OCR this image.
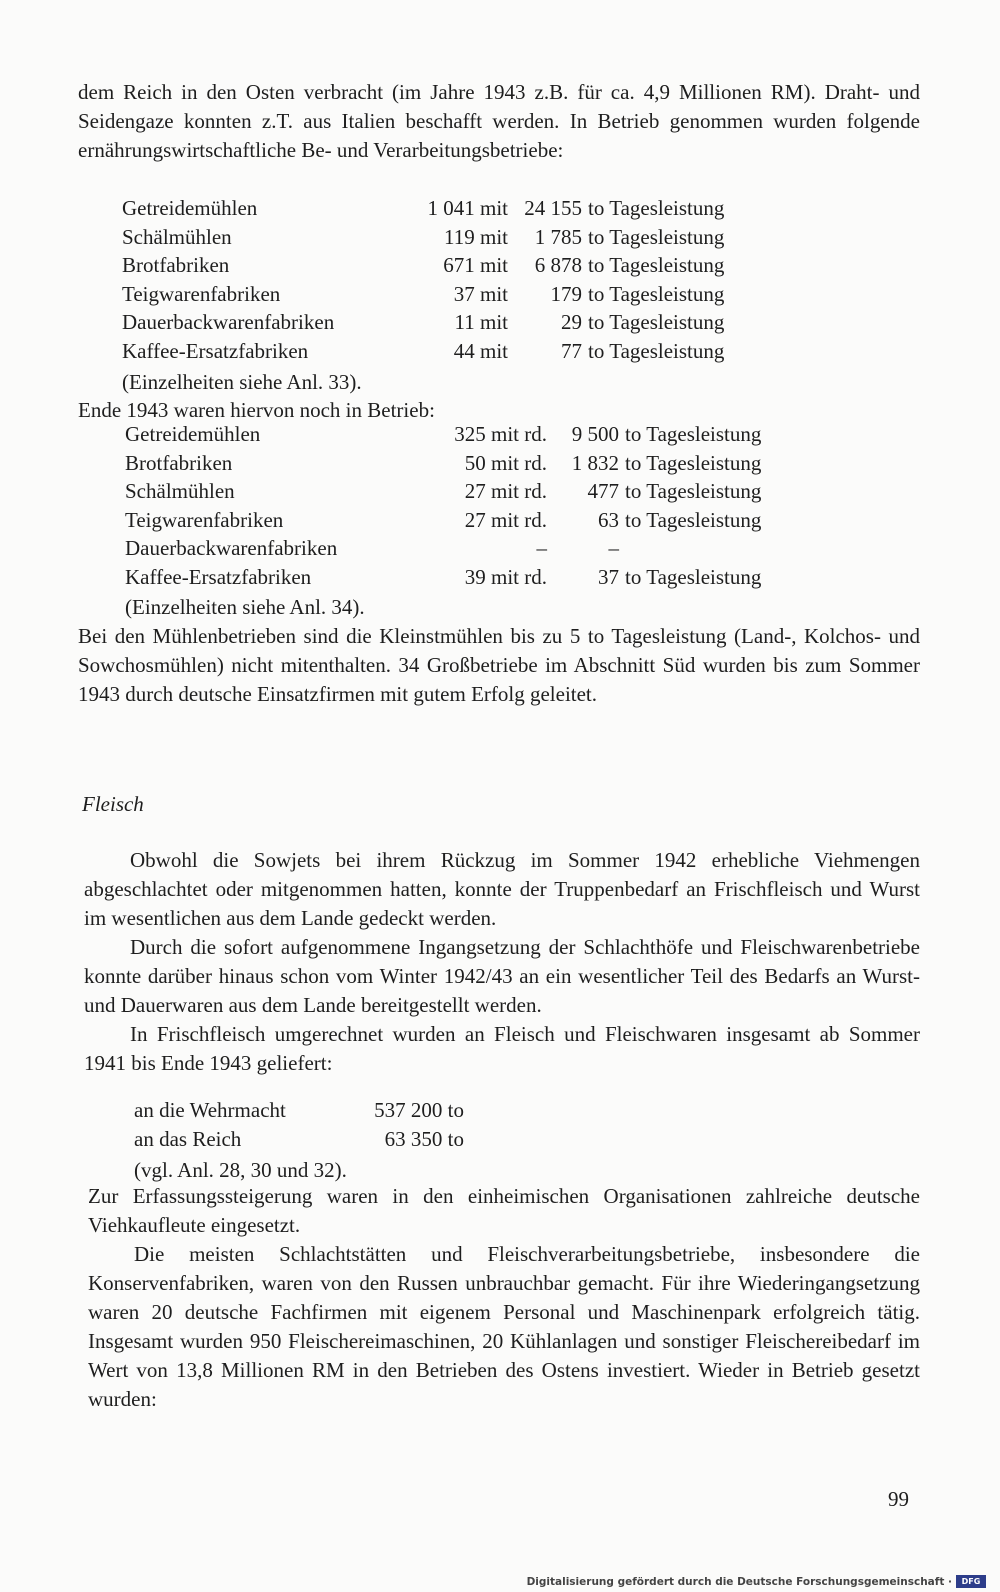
dem Reich in den Osten verbracht (im Jahre 1943 z.B. für ca. 4,9 Millionen RM). Draht- und Seidengaze konnten z.T. aus Italien beschafft werden. In Betrieb genommen wurden folgende ernährungswirtschaftliche Be- und Verarbeitungsbetriebe:

Getreidemühlen	1 041 mit	24 155	to Tagesleistung
Schälmühlen	119 mit	1 785	to Tagesleistung
Brotfabriken	671 mit	6 878	to Tagesleistung
Teigwarenfabriken	37 mit	179	to Tagesleistung
Dauerbackwarenfabriken	11 mit	29	to Tagesleistung
Kaffee-Ersatzfabriken	44 mit	77	to Tagesleistung
(Einzelheiten siehe Anl. 33).
Ende 1943 waren hiervon noch in Betrieb:
Getreidemühlen	325 mit rd.	9 500	to Tagesleistung
Brotfabriken	50 mit rd.	1 832	to Tagesleistung
Schälmühlen	27 mit rd.	477	to Tagesleistung
Teigwarenfabriken	27 mit rd.	63	to Tagesleistung
Dauerbackwarenfabriken	–	–	
Kaffee-Ersatzfabriken	39 mit rd.	37	to Tagesleistung
(Einzelheiten siehe Anl. 34).

Bei den Mühlenbetrieben sind die Kleinstmühlen bis zu 5 to Tagesleistung (Land-, Kolchos- und Sowchosmühlen) nicht mitenthalten. 34 Großbetriebe im Abschnitt Süd wurden bis zum Sommer 1943 durch deutsche Einsatzfirmen mit gutem Erfolg geleitet.

Fleisch

Obwohl die Sowjets bei ihrem Rückzug im Sommer 1942 erhebliche Viehmengen abgeschlachtet oder mitgenommen hatten, konnte der Truppenbedarf an Frischfleisch und Wurst im wesentlichen aus dem Lande gedeckt werden.

Durch die sofort aufgenommene Ingangsetzung der Schlachthöfe und Fleischwarenbetriebe konnte darüber hinaus schon vom Winter 1942/43 an ein wesentlicher Teil des Bedarfs an Wurst- und Dauerwaren aus dem Lande bereitgestellt werden.

In Frischfleisch umgerechnet wurden an Fleisch und Fleischwaren insgesamt ab Sommer 1941 bis Ende 1943 geliefert:

an die Wehrmacht	537 200 to
an das Reich	63 350 to
(vgl. Anl. 28, 30 und 32).

Zur Erfassungssteigerung waren in den einheimischen Organisationen zahlreiche deutsche Viehkaufleute eingesetzt.

Die meisten Schlachtstätten und Fleischverarbeitungsbetriebe, insbesondere die Konservenfabriken, waren von den Russen unbrauchbar gemacht. Für ihre Wiederingangsetzung waren 20 deutsche Fachfirmen mit eigenem Personal und Maschinenpark erfolgreich tätig. Insgesamt wurden 950 Fleischereimaschinen, 20 Kühlanlagen und sonstiger Fleischereibedarf im Wert von 13,8 Millionen RM in den Betrieben des Ostens investiert. Wieder in Betrieb gesetzt wurden:

99
Digitalisierung gefördert durch die Deutsche Forschungsgemeinschaft ·	DFG
